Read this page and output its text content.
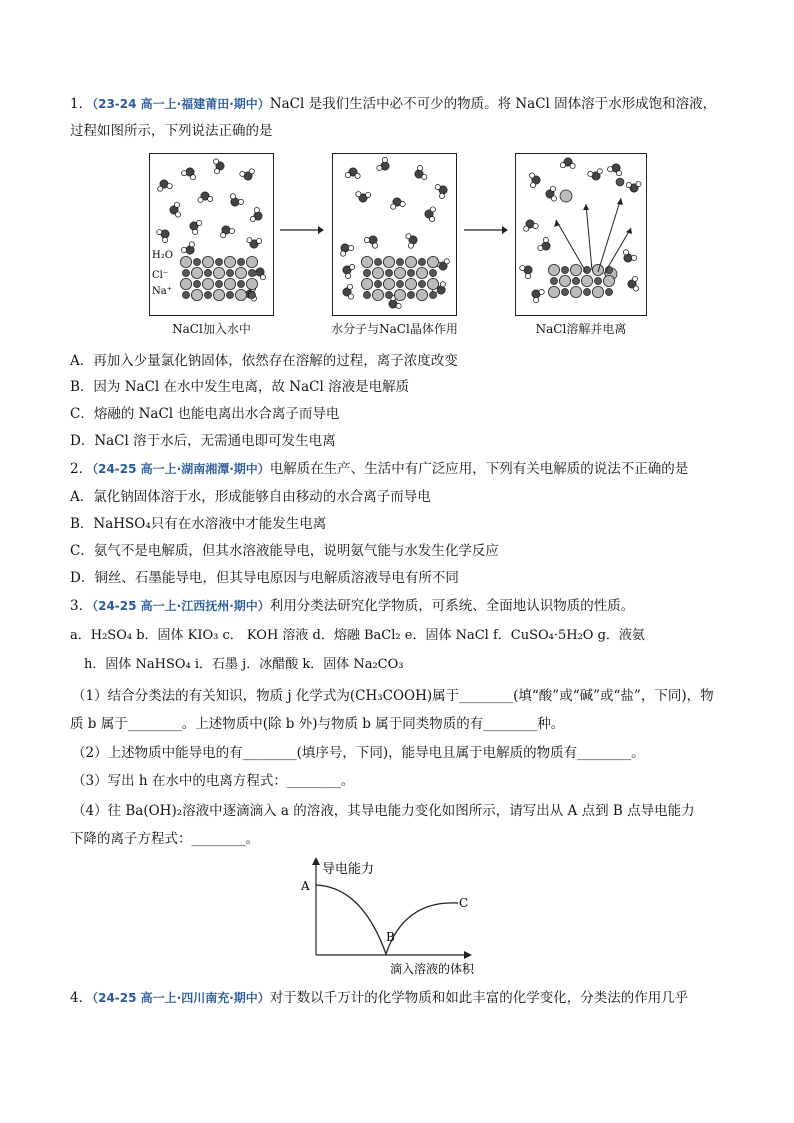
1．（23-24 高一上·福建莆田·期中）NaCl 是我们生活中必不可少的物质。将 NaCl 固体溶于水形成饱和溶液，
过程如图所示，下列说法正确的是
H₂O
Cl⁻
Na⁺
NaCl加入水中	水分子与NaCl晶体作用	NaCl溶解并电离
A．再加入少量氯化钠固体，依然存在溶解的过程，离子浓度改变
B．因为 NaCl 在水中发生电离，故 NaCl 溶液是电解质
C．熔融的 NaCl 也能电离出水合离子而导电
D．NaCl 溶于水后，无需通电即可发生电离
2．（24-25 高一上·湖南湘潭·期中）电解质在生产、生活中有广泛应用，下列有关电解质的说法不正确的是
A．氯化钠固体溶于水，形成能够自由移动的水合离子而导电
B．NaHSO₄只有在水溶液中才能发生电离
C．氨气不是电解质，但其水溶液能导电，说明氨气能与水发生化学反应
D．铜丝、石墨能导电，但其导电原因与电解质溶液导电有所不同
3．（24-25 高一上·江西抚州·期中）利用分类法研究化学物质，可系统、全面地认识物质的性质。
a．H₂SO₄ b．固体 KIO₃ c． KOH 溶液 d．熔融 BaCl₂ e．固体 NaCl f．CuSO₄·5H₂O g．液氨
h．固体 NaHSO₄ i．石墨 j．冰醋酸 k．固体 Na₂CO₃
（1）结合分类法的有关知识，物质 j 化学式为(CH₃COOH)属于________(填“酸”或“碱”或“盐”，下同)，物
质 b 属于________。上述物质中(除 b 外)与物质 b 属于同类物质的有________种。
（2）上述物质中能导电的有________(填序号，下同)，能导电且属于电解质的物质有________。
（3）写出 h 在水中的电离方程式：________。
（4）往 Ba(OH)₂溶液中逐滴滴入 a 的溶液，其导电能力变化如图所示，请写出从 A 点到 B 点导电能力
下降的离子方程式：________。
导电能力
A
B
C
滴入溶液的体积
4．（24-25 高一上·四川南充·期中）对于数以千万计的化学物质和如此丰富的化学变化，分类法的作用几乎
